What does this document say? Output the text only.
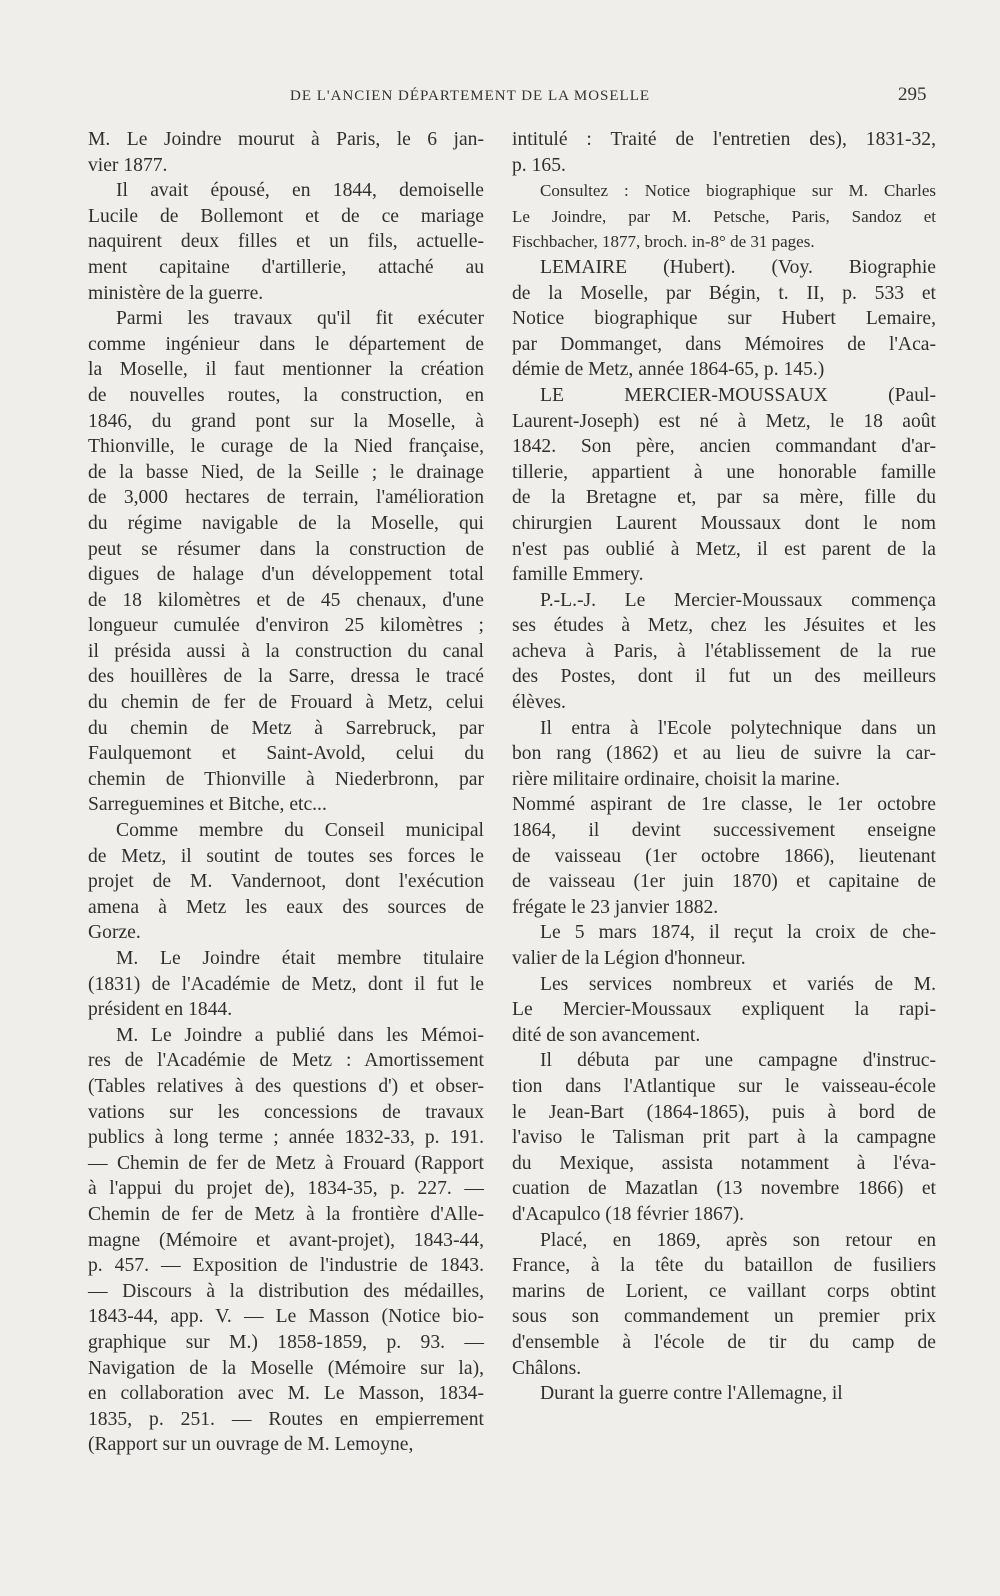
DE L'ANCIEN DÉPARTEMENT DE LA MOSELLE	295
M. Le Joindre mourut à Paris, le 6 jan-
vier 1877.
Il avait épousé, en 1844, demoiselle
Lucile de Bollemont et de ce mariage
naquirent deux filles et un fils, actuelle-
ment capitaine d'artillerie, attaché au
ministère de la guerre.
Parmi les travaux qu'il fit exécuter
comme ingénieur dans le département de
la Moselle, il faut mentionner la création
de nouvelles routes, la construction, en
1846, du grand pont sur la Moselle, à
Thionville, le curage de la Nied française,
de la basse Nied, de la Seille ; le drainage
de 3,000 hectares de terrain, l'amélioration
du régime navigable de la Moselle, qui
peut se résumer dans la construction de
digues de halage d'un développement total
de 18 kilomètres et de 45 chenaux, d'une
longueur cumulée d'environ 25 kilomètres ;
il présida aussi à la construction du canal
des houillères de la Sarre, dressa le tracé
du chemin de fer de Frouard à Metz, celui
du chemin de Metz à Sarrebruck, par
Faulquemont et Saint-Avold, celui du
chemin de Thionville à Niederbronn, par
Sarreguemines et Bitche, etc...
Comme membre du Conseil municipal
de Metz, il soutint de toutes ses forces le
projet de M. Vandernoot, dont l'exécution
amena à Metz les eaux des sources de
Gorze.
M. Le Joindre était membre titulaire
(1831) de l'Académie de Metz, dont il fut le
président en 1844.
M. Le Joindre a publié dans les Mémoi-
res de l'Académie de Metz : Amortissement
(Tables relatives à des questions d') et obser-
vations sur les concessions de travaux
publics à long terme ; année 1832-33, p. 191.
— Chemin de fer de Metz à Frouard (Rapport
à l'appui du projet de), 1834-35, p. 227. —
Chemin de fer de Metz à la frontière d'Alle-
magne (Mémoire et avant-projet), 1843-44,
p. 457. — Exposition de l'industrie de 1843.
— Discours à la distribution des médailles,
1843-44, app. V. — Le Masson (Notice bio-
graphique sur M.) 1858-1859, p. 93. —
Navigation de la Moselle (Mémoire sur la),
en collaboration avec M. Le Masson, 1834-
1835, p. 251. — Routes en empierrement
(Rapport sur un ouvrage de M. Lemoyne,
intitulé : Traité de l'entretien des), 1831-32,
p. 165.
Consultez : Notice biographique sur M. Charles
Le Joindre, par M. Petsche, Paris, Sandoz et
Fischbacher, 1877, broch. in-8° de 31 pages.
LEMAIRE (Hubert). (Voy. Biographie
de la Moselle, par Bégin, t. II, p. 533 et
Notice biographique sur Hubert Lemaire,
par Dommanget, dans Mémoires de l'Aca-
démie de Metz, année 1864-65, p. 145.)
LE MERCIER-MOUSSAUX (Paul-
Laurent-Joseph) est né à Metz, le 18 août
1842. Son père, ancien commandant d'ar-
tillerie, appartient à une honorable famille
de la Bretagne et, par sa mère, fille du
chirurgien Laurent Moussaux dont le nom
n'est pas oublié à Metz, il est parent de la
famille Emmery.
P.-L.-J. Le Mercier-Moussaux commença
ses études à Metz, chez les Jésuites et les
acheva à Paris, à l'établissement de la rue
des Postes, dont il fut un des meilleurs
élèves.
Il entra à l'Ecole polytechnique dans un
bon rang (1862) et au lieu de suivre la car-
rière militaire ordinaire, choisit la marine.
Nommé aspirant de 1re classe, le 1er octobre
1864, il devint successivement enseigne
de vaisseau (1er octobre 1866), lieutenant
de vaisseau (1er juin 1870) et capitaine de
frégate le 23 janvier 1882.
Le 5 mars 1874, il reçut la croix de che-
valier de la Légion d'honneur.
Les services nombreux et variés de M.
Le Mercier-Moussaux expliquent la rapi-
dité de son avancement.
Il débuta par une campagne d'instruc-
tion dans l'Atlantique sur le vaisseau-école
le Jean-Bart (1864-1865), puis à bord de
l'aviso le Talisman prit part à la campagne
du Mexique, assista notamment à l'éva-
cuation de Mazatlan (13 novembre 1866) et
d'Acapulco (18 février 1867).
Placé, en 1869, après son retour en
France, à la tête du bataillon de fusiliers
marins de Lorient, ce vaillant corps obtint
sous son commandement un premier prix
d'ensemble à l'école de tir du camp de
Châlons.
Durant la guerre contre l'Allemagne, il
